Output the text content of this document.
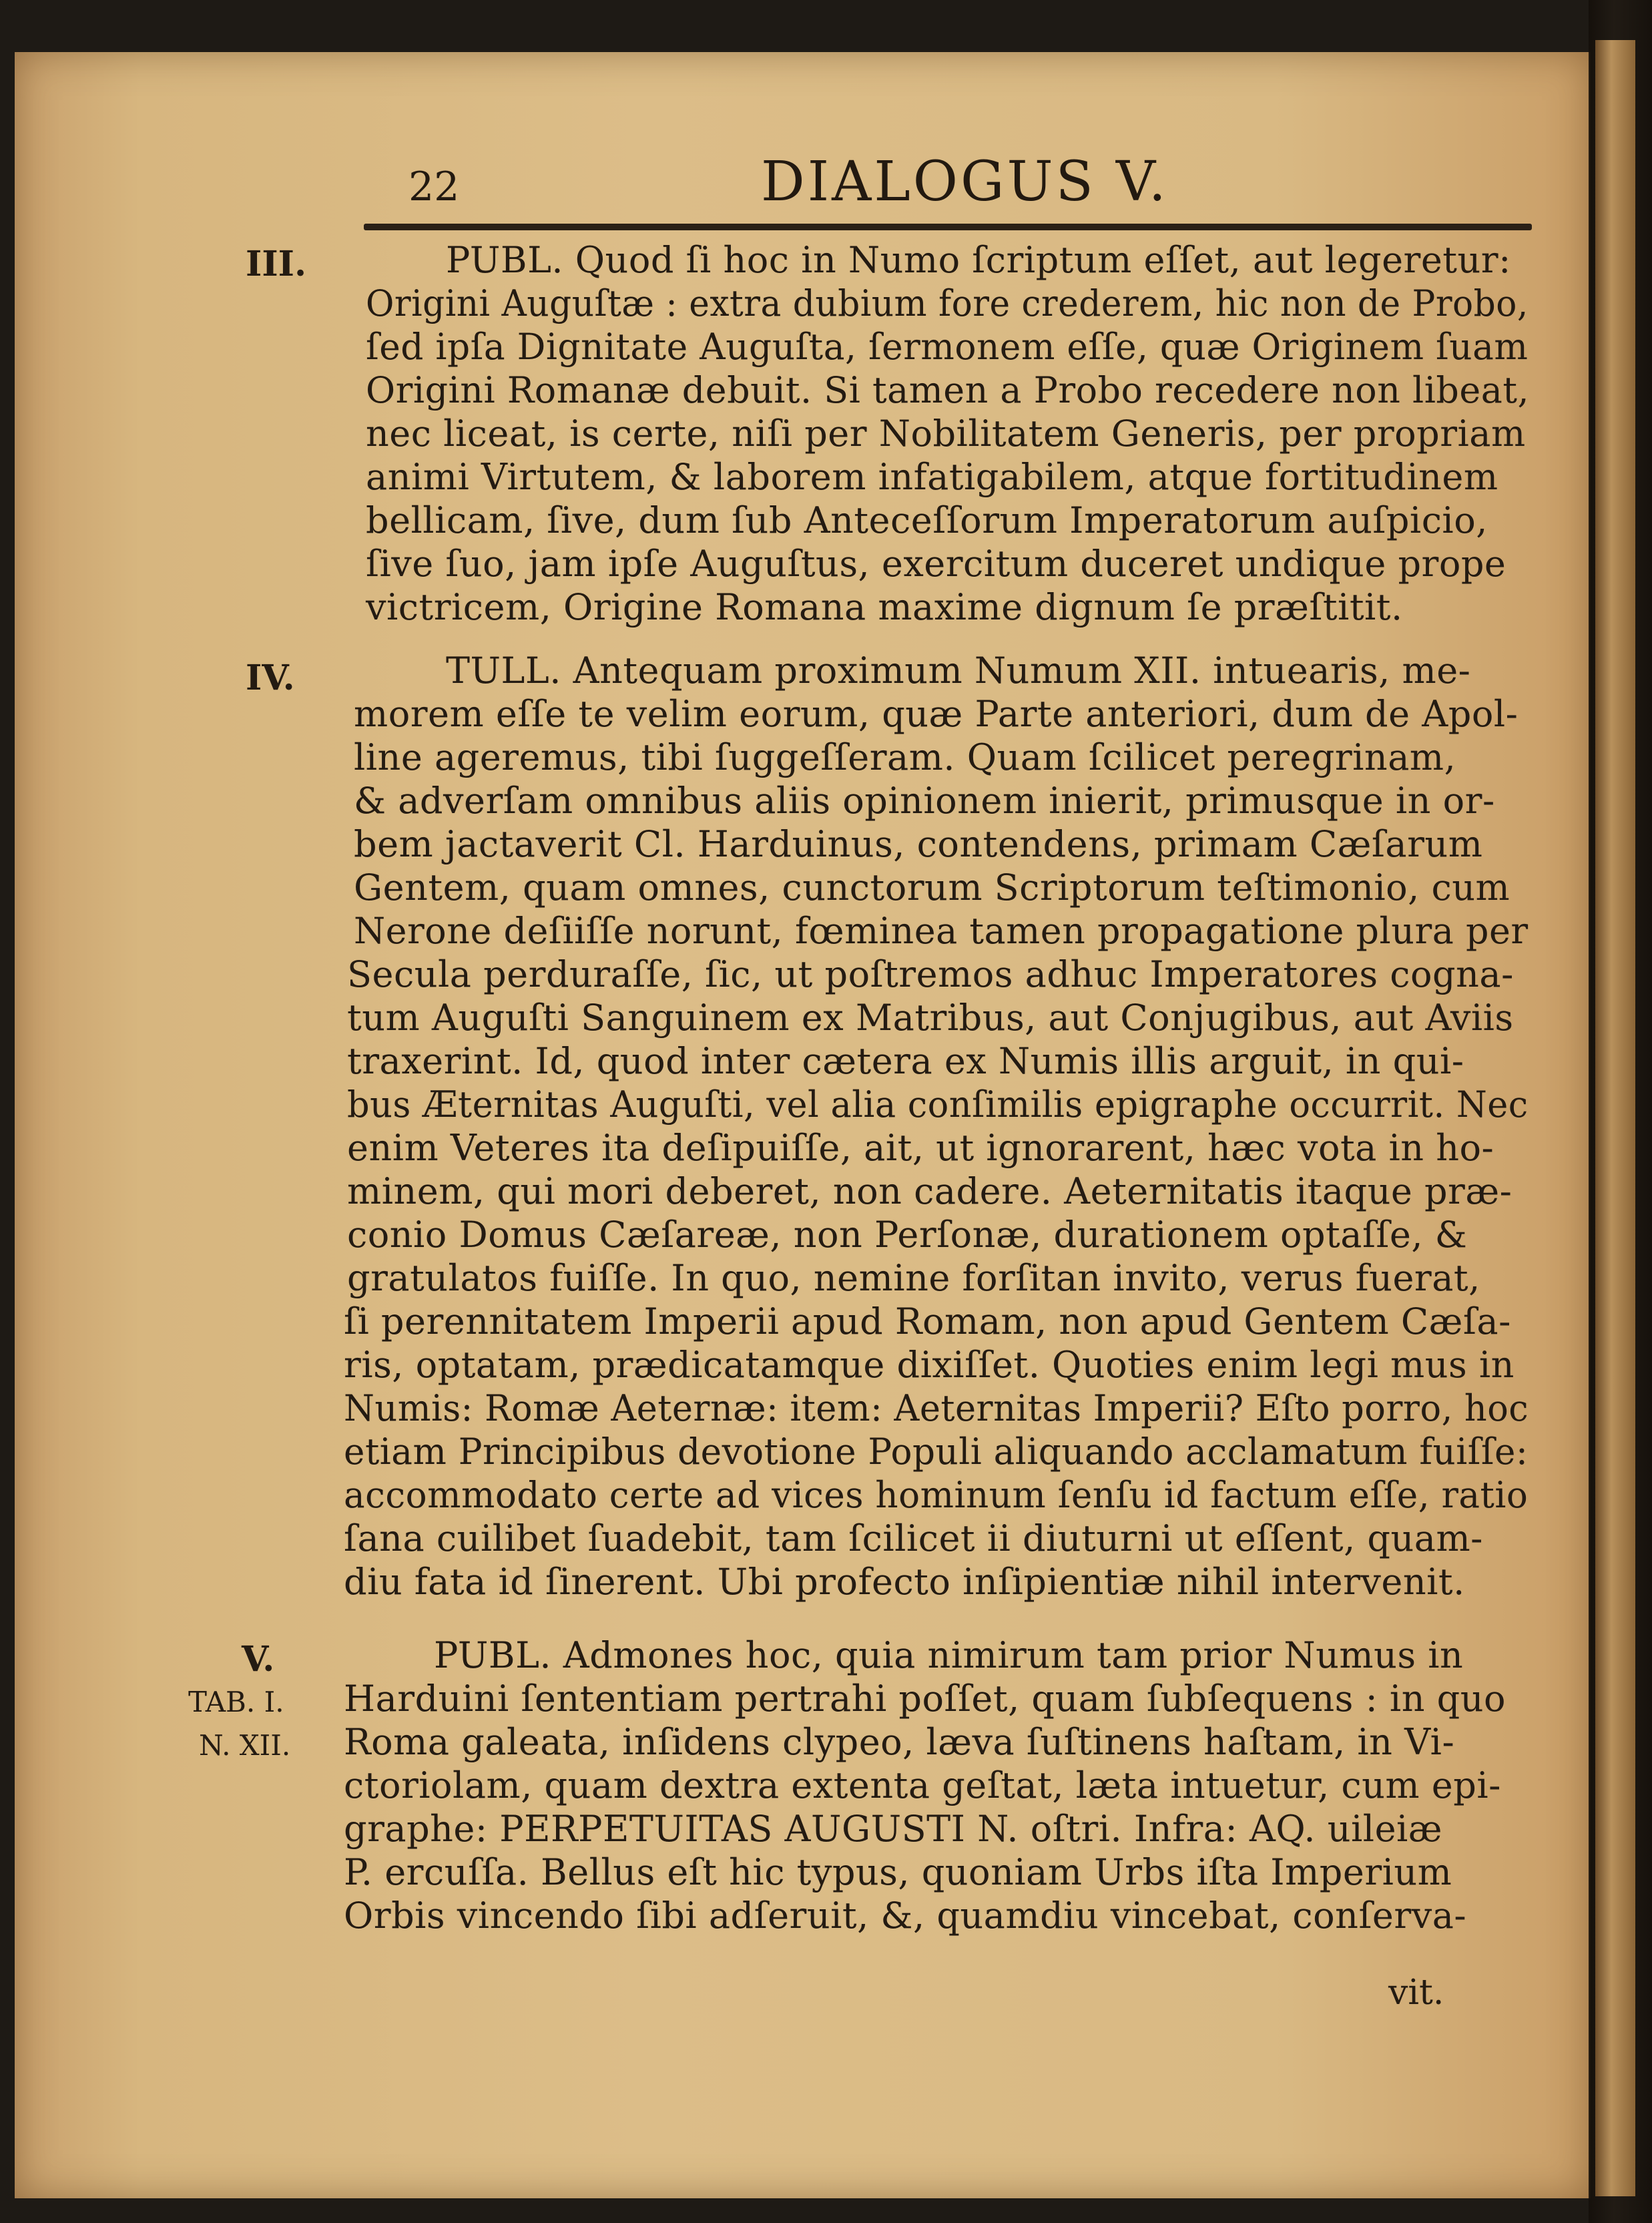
22	DIALOGUS V.
III.
IV.
V.
TAB. I.
N. XII.
PUBL. Quod ſi hoc in Numo ſcriptum eſſet, aut legeretur:
Origini Auguſtæ : extra dubium fore crederem, hic non de Probo,
ſed ipſa Dignitate Auguſta, ſermonem eſſe, quæ Originem ſuam
Origini Romanæ debuit. Si tamen a Probo recedere non libeat,
nec liceat, is certe, niſi per Nobilitatem Generis, per propriam
animi Virtutem, & laborem infatigabilem, atque fortitudinem
bellicam, ſive, dum ſub Anteceſſorum Imperatorum auſpicio,
ſive ſuo, jam ipſe Auguſtus, exercitum duceret undique prope
victricem, Origine Romana maxime dignum ſe præſtitit.
TULL. Antequam proximum Numum XII. intuearis, me-
morem eſſe te velim eorum, quæ Parte anteriori, dum de Apol-
line ageremus, tibi ſuggeſſeram. Quam ſcilicet peregrinam,
& adverſam omnibus aliis opinionem inierit, primusque in or-
bem jactaverit Cl. Harduinus, contendens, primam Cæſarum
Gentem, quam omnes, cunctorum Scriptorum teſtimonio, cum
Nerone deſiiſſe norunt, fœminea tamen propagatione plura per
Secula perduraſſe, ſic, ut poſtremos adhuc Imperatores cogna-
tum Auguſti Sanguinem ex Matribus, aut Conjugibus, aut Aviis
traxerint. Id, quod inter cætera ex Numis illis arguit, in qui-
bus Æternitas Auguſti, vel alia conſimilis epigraphe occurrit. Nec
enim Veteres ita deſipuiſſe, ait, ut ignorarent, hæc vota in ho-
minem, qui mori deberet, non cadere. Aeternitatis itaque præ-
conio Domus Cæſareæ, non Perſonæ, durationem optaſſe, &
gratulatos fuiſſe. In quo, nemine forſitan invito, verus fuerat,
ſi perennitatem Imperii apud Romam, non apud Gentem Cæſa-
ris, optatam, prædicatamque dixiſſet. Quoties enim legi mus in
Numis: Romæ Aeternæ: item: Aeternitas Imperii? Eſto porro, hoc
etiam Principibus devotione Populi aliquando acclamatum fuiſſe:
accommodato certe ad vices hominum ſenſu id factum eſſe, ratio
ſana cuilibet ſuadebit, tam ſcilicet ii diuturni ut eſſent, quam-
diu fata id ſinerent. Ubi profecto inſipientiæ nihil intervenit.
PUBL. Admones hoc, quia nimirum tam prior Numus in
Harduini ſententiam pertrahi poſſet, quam ſubſequens : in quo
Roma galeata, inſidens clypeo, læva ſuſtinens haſtam, in Vi-
ctoriolam, quam dextra extenta geſtat, læta intuetur, cum epi-
graphe: PERPETUITAS AUGUSTI N. oſtri. Infra: AQ. uileiæ
P. ercuſſa. Bellus eſt hic typus, quoniam Urbs iſta Imperium
Orbis vincendo ſibi adſeruit, &, quamdiu vincebat, conſerva-
vit.
